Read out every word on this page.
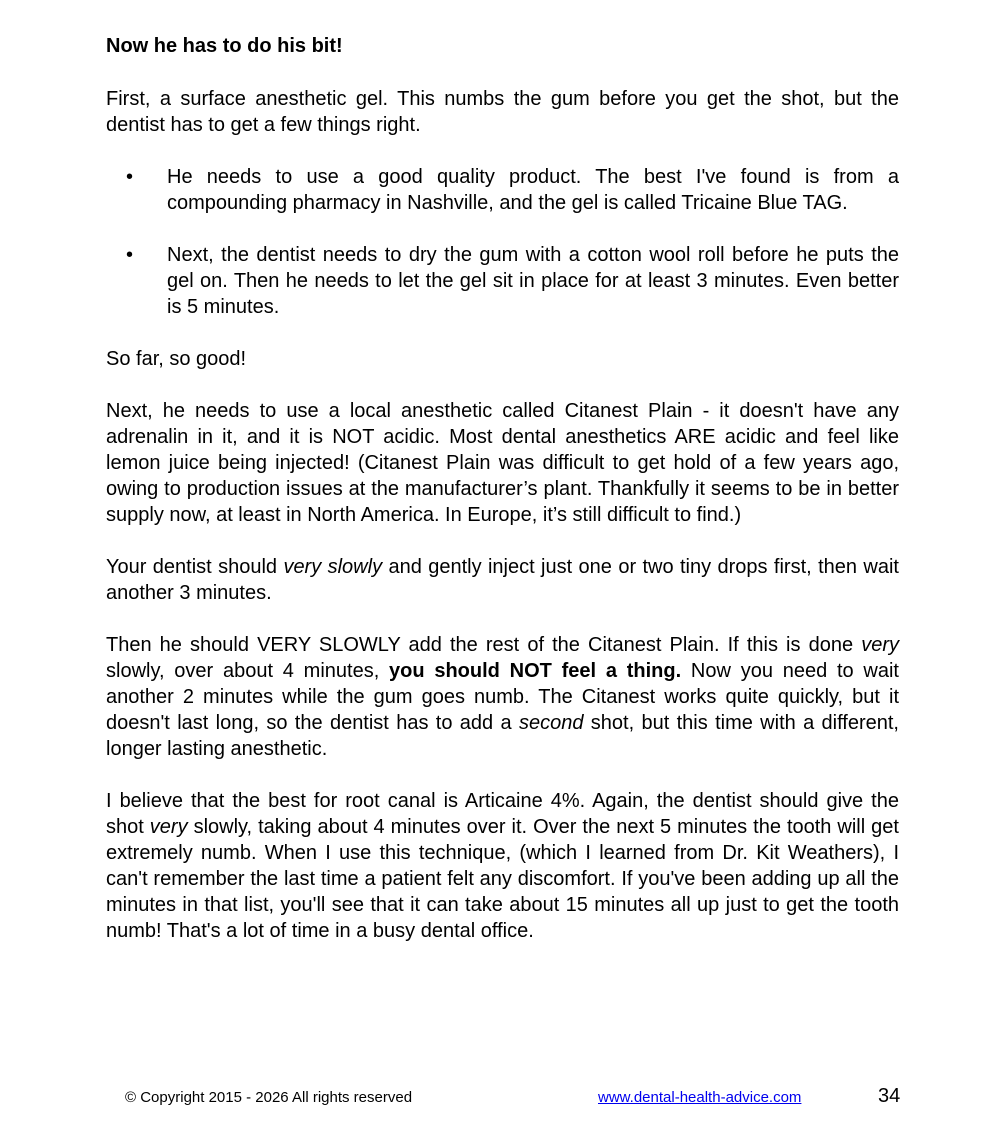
Now he has to do his bit!

First, a surface anesthetic gel. This numbs the gum before you get the shot, but the dentist has to get a few things right.

• He needs to use a good quality product. The best I've found is from a compounding pharmacy in Nashville, and the gel is called Tricaine Blue TAG.
• Next, the dentist needs to dry the gum with a cotton wool roll before he puts the gel on. Then he needs to let the gel sit in place for at least 3 minutes. Even better is 5 minutes.

So far, so good!

Next, he needs to use a local anesthetic called Citanest Plain - it doesn't have any adrenalin in it, and it is NOT acidic. Most dental anesthetics ARE acidic and feel like lemon juice being injected! (Citanest Plain was difficult to get hold of a few years ago, owing to production issues at the manufacturer’s plant. Thankfully it seems to be in better supply now, at least in North America. In Europe, it’s still difficult to find.)

Your dentist should very slowly and gently inject just one or two tiny drops first, then wait another 3 minutes.

Then he should VERY SLOWLY add the rest of the Citanest Plain. If this is done very slowly, over about 4 minutes, you should NOT feel a thing. Now you need to wait another 2 minutes while the gum goes numb. The Citanest works quite quickly, but it doesn't last long, so the dentist has to add a second shot, but this time with a different, longer lasting anesthetic.

I believe that the best for root canal is Articaine 4%. Again, the dentist should give the shot very slowly, taking about 4 minutes over it. Over the next 5 minutes the tooth will get extremely numb. When I use this technique, (which I learned from Dr. Kit Weathers), I can't remember the last time a patient felt any discomfort. If you've been adding up all the minutes in that list, you'll see that it can take about 15 minutes all up just to get the tooth numb! That's a lot of time in a busy dental office.

© Copyright 2015 - 2026 All rights reserved	www.dental-health-advice.com	34
